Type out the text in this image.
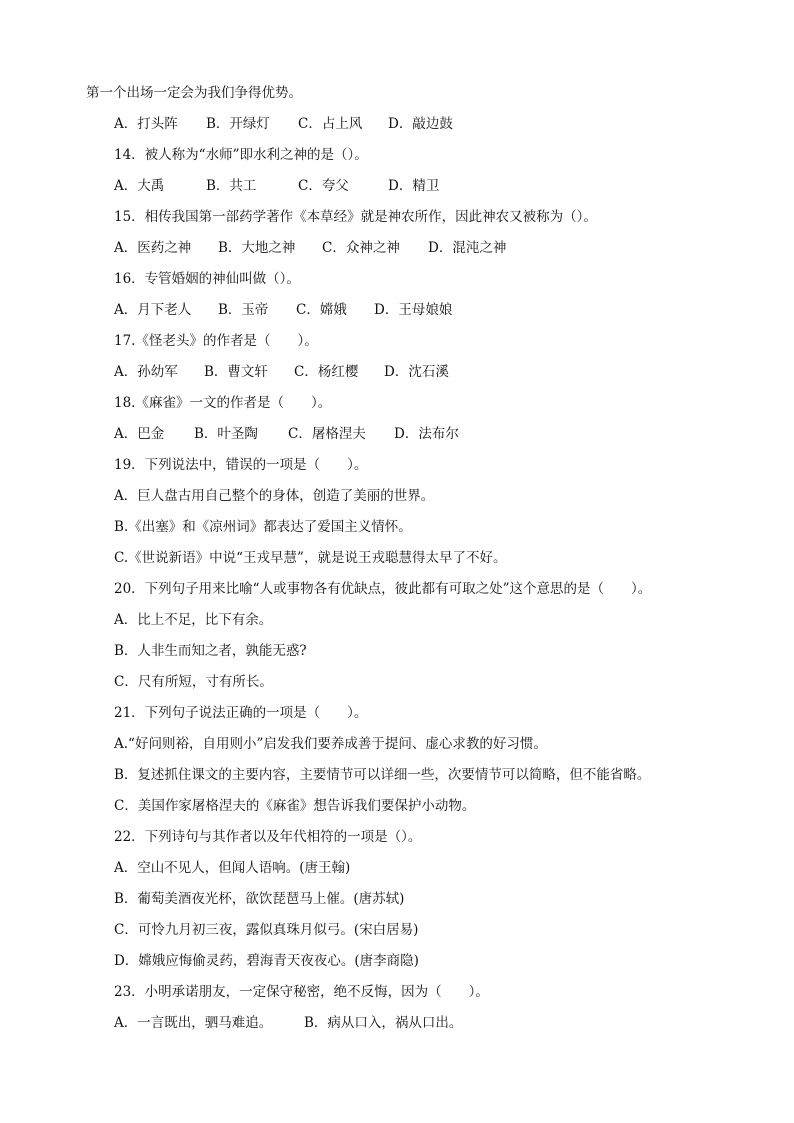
第一个出场一定会为我们争得优势。
A．打头阵 B．开绿灯 C．占上风 D．敲边鼓
14．被人称为“水师”即水利之神的是（）。
A．大禹	B．共工	C．夸父	D．精卫
15．相传我国第一部药学著作《本草经》就是神农所作，因此神农又被称为（）。
A．医药之神 B．大地之神 C．众神之神 D．混沌之神
16．专管婚姻的神仙叫做（）。
A．月下老人 B．玉帝 C．嫦娥 D．王母娘娘
17.《怪老头》的作者是（　　）。
A．孙幼军 B．曹文轩 C．杨红樱 D．沈石溪
18.《麻雀》一文的作者是（　　）。
A．巴金 B．叶圣陶 C．屠格涅夫 D．法布尔
19．下列说法中，错误的一项是（　　）。
A．巨人盘古用自己整个的身体，创造了美丽的世界。
B.《出塞》和《凉州词》都表达了爱国主义情怀。
C.《世说新语》中说“王戎早慧”，就是说王戎聪慧得太早了不好。
20．下列句子用来比喻“人或事物各有优缺点，彼此都有可取之处”这个意思的是（　　）。
A．比上不足，比下有余。
B．人非生而知之者，孰能无惑?
C．尺有所短，寸有所长。
21．下列句子说法正确的一项是（　　）。
A.“好问则裕，自用则小”启发我们要养成善于提问、虚心求教的好习惯。
B．复述抓住课文的主要内容，主要情节可以详细一些，次要情节可以简略，但不能省略。
C．美国作家屠格涅夫的《麻雀》想告诉我们要保护小动物。
22．下列诗句与其作者以及年代相符的一项是（）。
A．空山不见人，但闻人语响。(唐王翰)
B．葡萄美酒夜光杯，欲饮琵琶马上催。(唐苏轼)
C．可怜九月初三夜，露似真珠月似弓。(宋白居易)
D．嫦娥应悔偷灵药，碧海青天夜夜心。(唐李商隐)
23．小明承诺朋友，一定保守秘密，绝不反悔，因为（　　）。
A．一言既出，驷马难追。 B．病从口入，祸从口出。
